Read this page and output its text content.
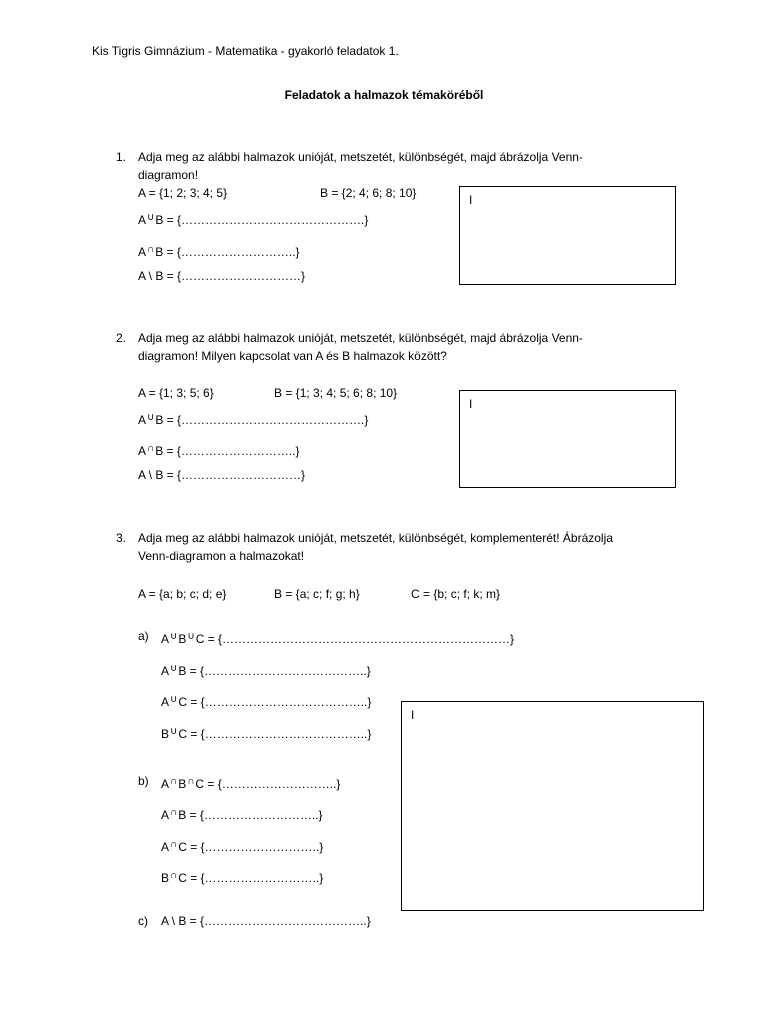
Kis Tigris Gimnázium - Matematika - gyakorló feladatok 1.
Feladatok a halmazok témaköréből
1. Adja meg az alábbi halmazok unióját, metszetét, különbségét, majd ábrázolja Venn-
diagramon!
A = {1; 2; 3; 4; 5}	B = {2; 4; 6; 8; 10}
A∪B = {……………………………………….}
A∩B = {………………………..}
A \ B = {…………………………}
I
2. Adja meg az alábbi halmazok unióját, metszetét, különbségét, majd ábrázolja Venn-
diagramon! Milyen kapcsolat van A és B halmazok között?
A = {1; 3; 5; 6}	B = {1; 3; 4; 5; 6; 8; 10}
A∪B = {……………………………………….}
A∩B = {………………………..}
A \ B = {…………………………}
I
3. Adja meg az alábbi halmazok unióját, metszetét, különbségét, komplementerét! Ábrázolja
Venn-diagramon a halmazokat!
A = {a; b; c; d; e}	B = {a; c; f; g; h}	C = {b; c; f; k; m}
a) A∪B∪C = {………………………………………………………………}
A∪B = {…………………………………..}
A∪C = {…………………………………..}
B∪C = {…………………………………..}
b) A∩B∩C = {………………………..}
A∩B = {………………………..}
A∩C = {………………………..}
B∩C = {………………………..}
c) A \ B = {…………………………………..}
I
